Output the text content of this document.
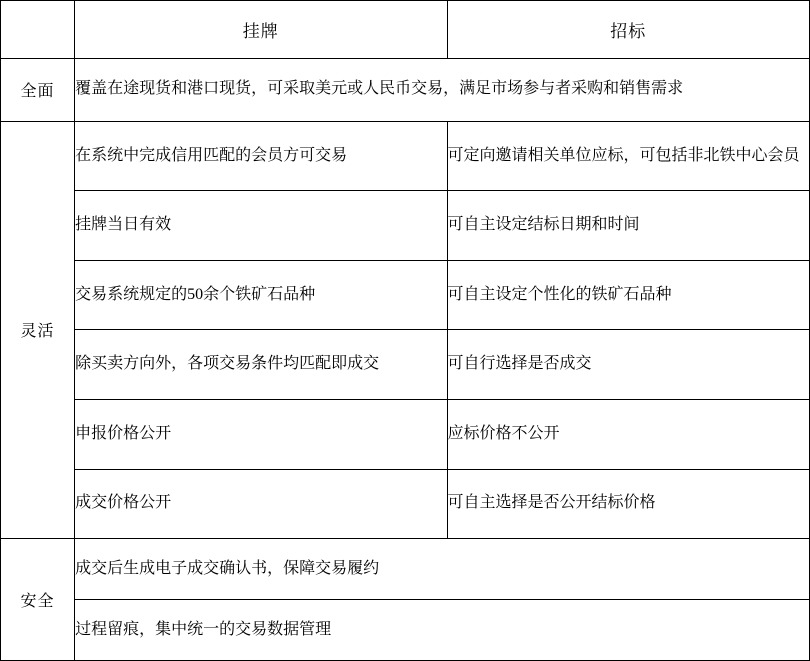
	挂牌	招标
全面	覆盖在途现货和港口现货，可采取美元或人民币交易，满足市场参与者采购和销售需求	
灵活	在系统中完成信用匹配的会员方可交易	可定向邀请相关单位应标，可包括非北铁中心会员
	挂牌当日有效	可自主设定结标日期和时间
	交易系统规定的50余个铁矿石品种	可自主设定个性化的铁矿石品种
	除买卖方向外，各项交易条件均匹配即成交	可自行选择是否成交
	申报价格公开	应标价格不公开
	成交价格公开	可自主选择是否公开结标价格
安全	成交后生成电子成交确认书，保障交易履约	
	过程留痕，集中统一的交易数据管理	
